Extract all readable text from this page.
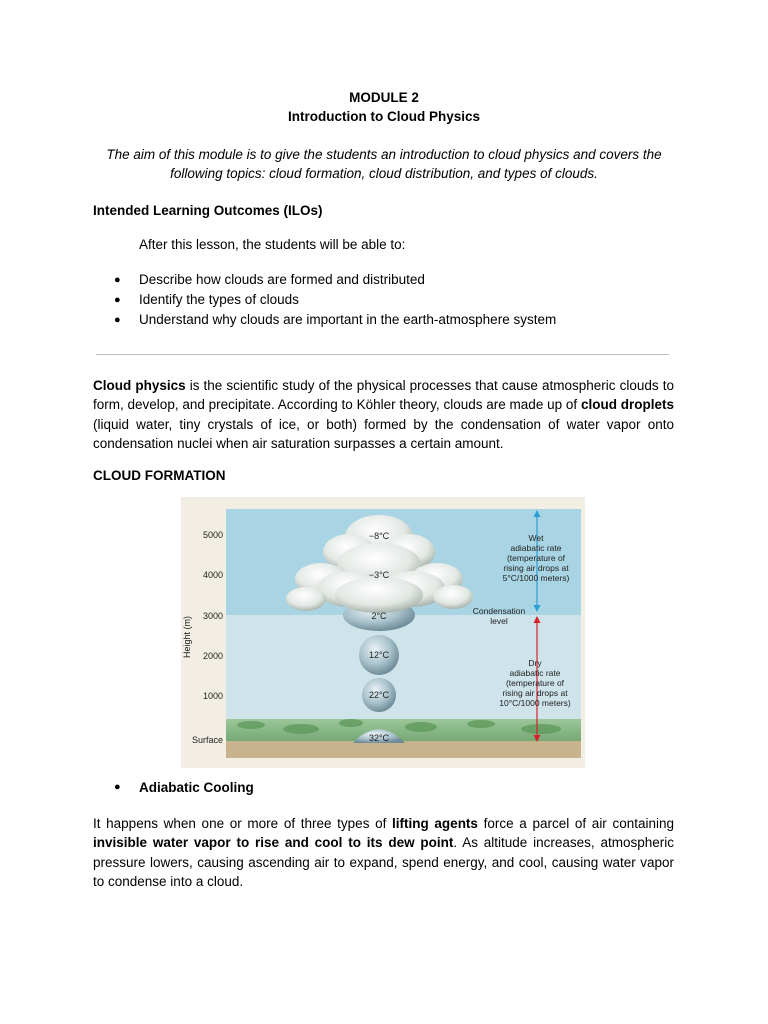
MODULE 2
Introduction to Cloud Physics
The aim of this module is to give the students an introduction to cloud physics and covers the following topics: cloud formation, cloud distribution, and types of clouds.
Intended Learning Outcomes (ILOs)
After this lesson, the students will be able to:
● Describe how clouds are formed and distributed
● Identify the types of clouds
● Understand why clouds are important in the earth-atmosphere system
Cloud physics is the scientific study of the physical processes that cause atmospheric clouds to form, develop, and precipitate. According to Köhler theory, clouds are made up of cloud droplets (liquid water, tiny crystals of ice, or both) formed by the condensation of water vapor onto condensation nuclei when air saturation surpasses a certain amount.
CLOUD FORMATION
Height (m)
5000
4000
3000
2000
1000
Surface
−8°C
−3°C
2°C
12°C
22°C
32°C
Wet
adiabatic rate
(temperature of
rising air drops at
5°C/1000 meters)
Condensation
level
Dry
adiabatic rate
(temperature of
rising air drops at
10°C/1000 meters)
● Adiabatic Cooling
It happens when one or more of three types of lifting agents force a parcel of air containing invisible water vapor to rise and cool to its dew point. As altitude increases, atmospheric pressure lowers, causing ascending air to expand, spend energy, and cool, causing water vapor to condense into a cloud.
